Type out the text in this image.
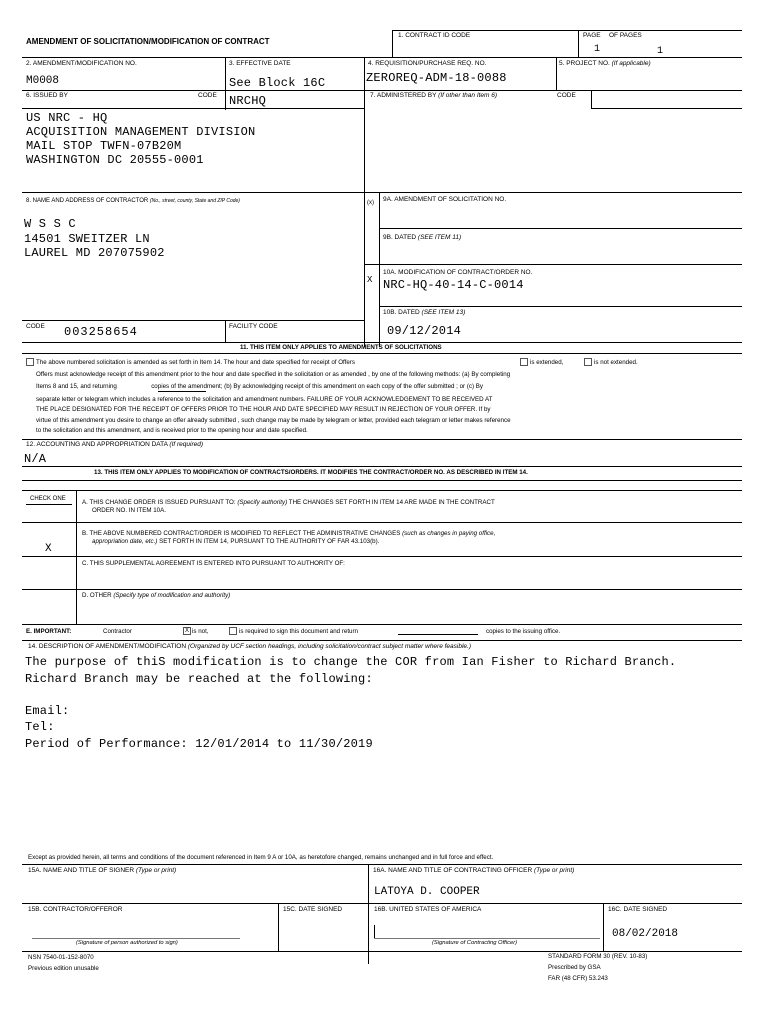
AMENDMENT OF SOLICITATION/MODIFICATION OF CONTRACT
1. CONTRACT ID CODE	PAGE OF PAGES
1	1
2. AMENDMENT/MODIFICATION NO.
M0008
3. EFFECTIVE DATE
See Block 16C
4. REQUISITION/PURCHASE REQ. NO.
ZEROREQ-ADM-18-0088
5. PROJECT NO. (If applicable)
6. ISSUED BY	CODE NRCHQ	7. ADMINISTERED BY (If other than Item 6)	CODE
US NRC - HQ
ACQUISITION MANAGEMENT DIVISION
MAIL STOP TWFN-07B20M
WASHINGTON DC 20555-0001
8. NAME AND ADDRESS OF CONTRACTOR (No., street, county, State and ZIP Code)
W S S C
14501 SWEITZER LN
LAUREL MD 207075902
(x) 9A. AMENDMENT OF SOLICITATION NO.
9B. DATED (SEE ITEM 11)
X
10A. MODIFICATION OF CONTRACT/ORDER NO.
NRC-HQ-40-14-C-0014
10B. DATED (SEE ITEM 13)
09/12/2014
CODE 003258654	FACILITY CODE
11. THIS ITEM ONLY APPLIES TO AMENDMENTS OF SOLICITATIONS
The above numbered solicitation is amended as set forth in Item 14. The hour and date specified for receipt of Offers	is extended,	is not extended.
Offers must acknowledge receipt of this amendment prior to the hour and date specified in the solicitation or as amended , by one of the following methods: (a) By completing
Items 8 and 15, and returning                    copies of the amendment; (b) By acknowledging receipt of this amendment on each copy of the offer submitted ; or (c) By
separate letter or telegram which includes a reference to the solicitation and amendment numbers. FAILURE OF YOUR ACKNOWLEDGEMENT TO BE RECEIVED AT
THE PLACE DESIGNATED FOR THE RECEIPT OF OFFERS PRIOR TO THE HOUR AND DATE SPECIFIED MAY RESULT IN REJECTION OF YOUR OFFER. If by
virtue of this amendment you desire to change an offer already submitted , such change may be made by telegram or letter, provided each telegram or letter makes reference
to the solicitation and this amendment, and is received prior to the opening hour and date specified.
12. ACCOUNTING AND APPROPRIATION DATA (If required)
N/A
13. THIS ITEM ONLY APPLIES TO MODIFICATION OF CONTRACTS/ORDERS. IT MODIFIES THE CONTRACT/ORDER NO. AS DESCRIBED IN ITEM 14.
CHECK ONE	A. THIS CHANGE ORDER IS ISSUED PURSUANT TO: (Specify authority) THE CHANGES SET FORTH IN ITEM 14 ARE MADE IN THE CONTRACT
ORDER NO. IN ITEM 10A.
B. THE ABOVE NUMBERED CONTRACT/ORDER IS MODIFIED TO REFLECT THE ADMINISTRATIVE CHANGES (such as changes in paying office,
appropriation date, etc.) SET FORTH IN ITEM 14, PURSUANT TO THE AUTHORITY OF FAR 43.103(b).
X
C. THIS SUPPLEMENTAL AGREEMENT IS ENTERED INTO PURSUANT TO AUTHORITY OF:
D. OTHER (Specify type of modification and authority)
E. IMPORTANT:	Contractor	X is not,	is required to sign this document and return	copies to the issuing office.
14. DESCRIPTION OF AMENDMENT/MODIFICATION (Organized by UCF section headings, including solicitation/contract subject matter where feasible.)
The purpose of thiS modification is to change the COR from Ian Fisher to Richard Branch.
Richard Branch may be reached at the following:
Email:
Tel:
Period of Performance: 12/01/2014 to 11/30/2019
Except as provided herein, all terms and conditions of the document referenced in Item 9 A or 10A, as heretofore changed, remains unchanged and in full force and effect.
15A. NAME AND TITLE OF SIGNER (Type or print)	16A. NAME AND TITLE OF CONTRACTING OFFICER (Type or print)
LATOYA D. COOPER
15B. CONTRACTOR/OFFEROR	15C. DATE SIGNED	16B. UNITED STATES OF AMERICA	16C. DATE SIGNED
08/02/2018
(Signature of person authorized to sign)	(Signature of Contracting Officer)
NSN 7540-01-152-8070
Previous edition unusable
STANDARD FORM 30 (REV. 10-83)
Prescribed by GSA
FAR (48 CFR) 53.243
